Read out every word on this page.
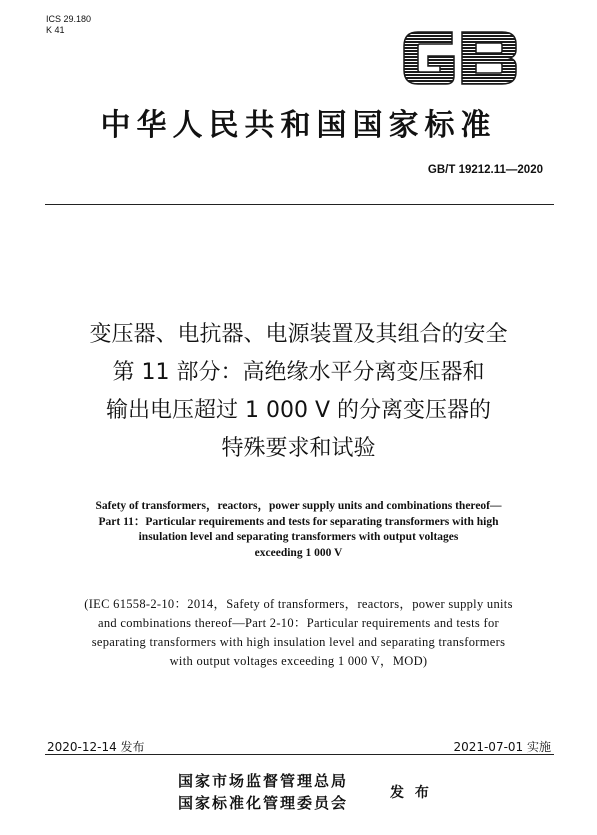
ICS 29.180
K 41
中华人民共和国国家标准
GB/T 19212.11—2020
变压器、电抗器、电源装置及其组合的安全
第 11 部分：高绝缘水平分离变压器和
输出电压超过 1 000 V 的分离变压器的
特殊要求和试验
Safety of transformers，reactors，power supply units and combinations thereof—
Part 11：Particular requirements and tests for separating transformers with high
insulation level and separating transformers with output voltages
exceeding 1 000 V
(IEC 61558-2-10：2014，Safety of transformers，reactors，power supply units
and combinations thereof—Part 2-10：Particular requirements and tests for
separating transformers with high insulation level and separating transformers
with output voltages exceeding 1 000 V，MOD)
2020-12-14 发布	2021-07-01 实施
国家市场监督管理总局
国家标准化管理委员会
发 布
